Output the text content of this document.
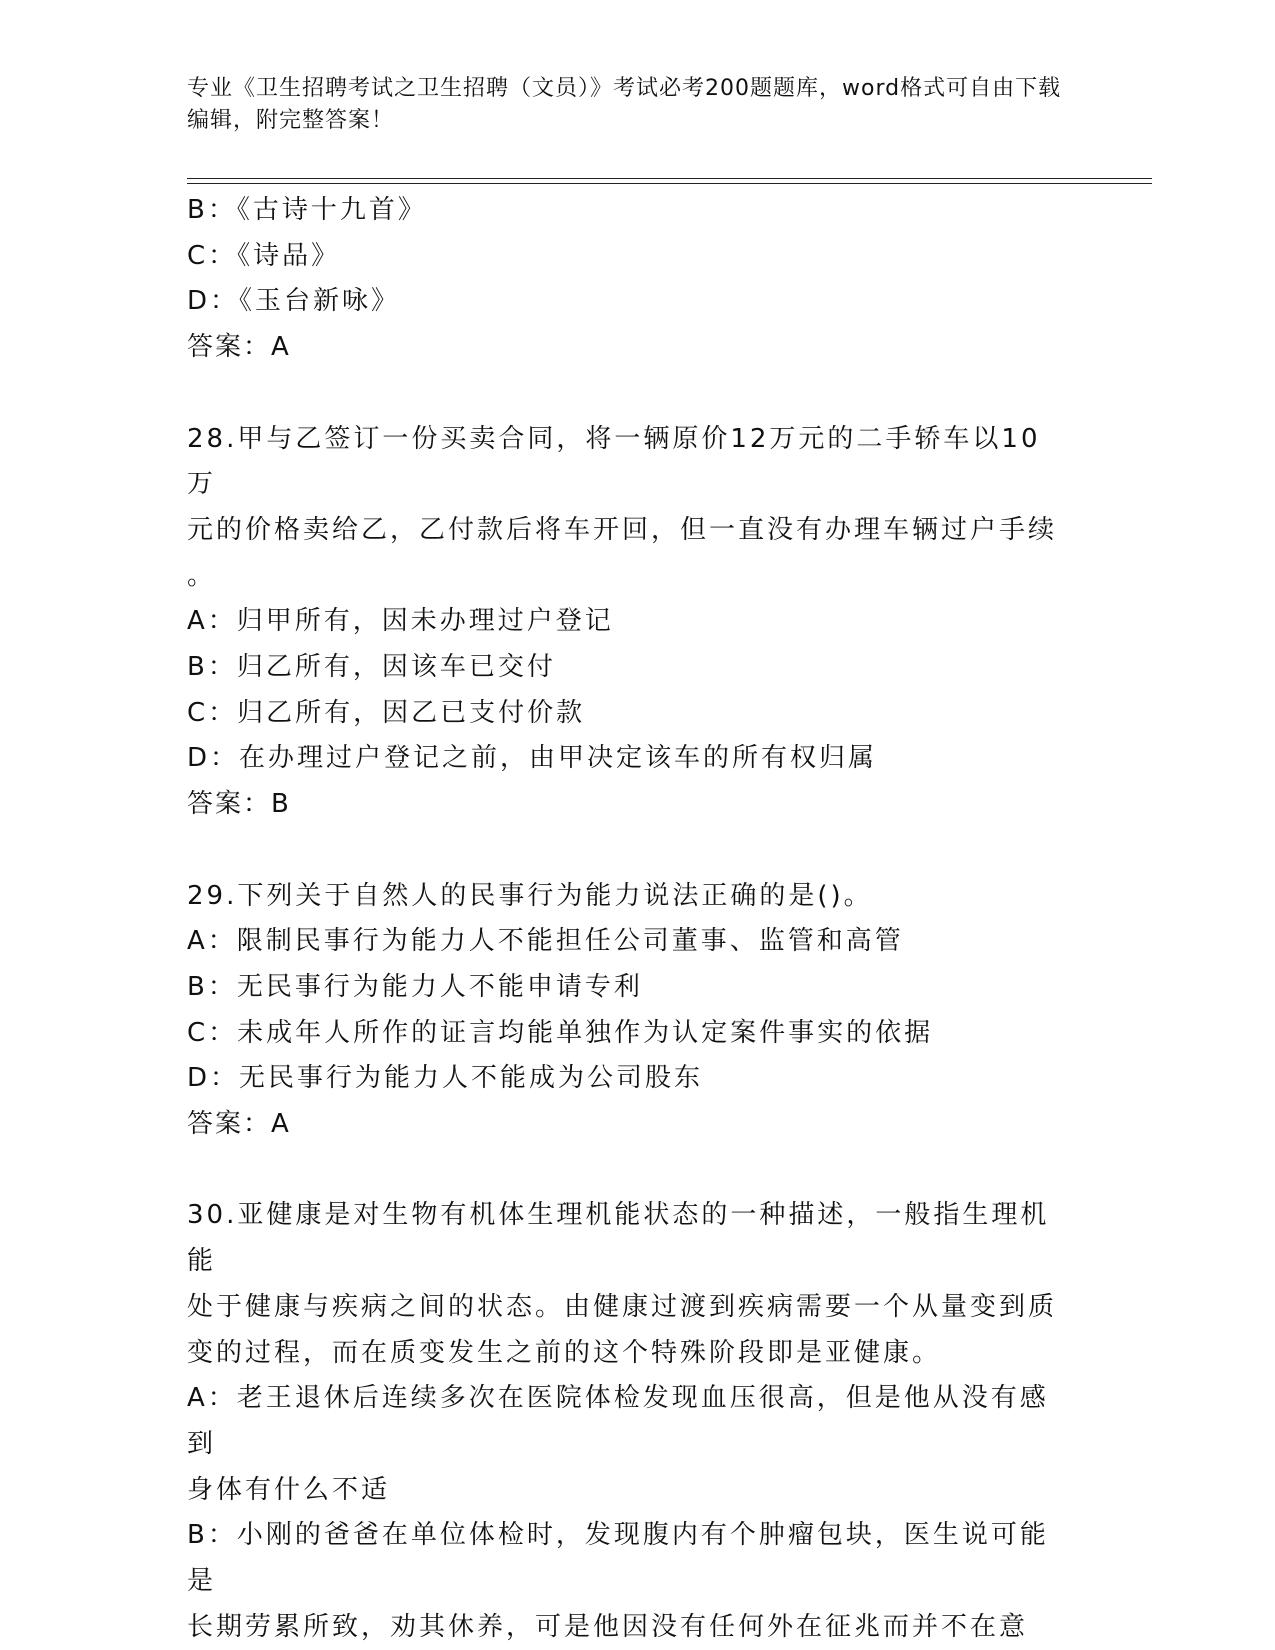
专业《卫生招聘考试之卫生招聘（文员）》考试必考200题题库，word格式可自由下载编辑，附完整答案！
B：《古诗十九首》
C：《诗品》
D：《玉台新咏》
答案：A
28.甲与乙签订一份买卖合同，将一辆原价12万元的二手轿车以10万
元的价格卖给乙，乙付款后将车开回，但一直没有办理车辆过户手续
。
A：归甲所有，因未办理过户登记
B：归乙所有，因该车已交付
C：归乙所有，因乙已支付价款
D：在办理过户登记之前，由甲决定该车的所有权归属
答案：B
29.下列关于自然人的民事行为能力说法正确的是()。
A：限制民事行为能力人不能担任公司董事、监管和高管
B：无民事行为能力人不能申请专利
C：未成年人所作的证言均能单独作为认定案件事实的依据
D：无民事行为能力人不能成为公司股东
答案：A
30.亚健康是对生物有机体生理机能状态的一种描述，一般指生理机能
处于健康与疾病之间的状态。由健康过渡到疾病需要一个从量变到质
变的过程，而在质变发生之前的这个特殊阶段即是亚健康。
A：老王退休后连续多次在医院体检发现血压很高，但是他从没有感到
身体有什么不适
B：小刚的爸爸在单位体检时，发现腹内有个肿瘤包块，医生说可能是
长期劳累所致，劝其休养，可是他因没有任何外在征兆而并不在意
